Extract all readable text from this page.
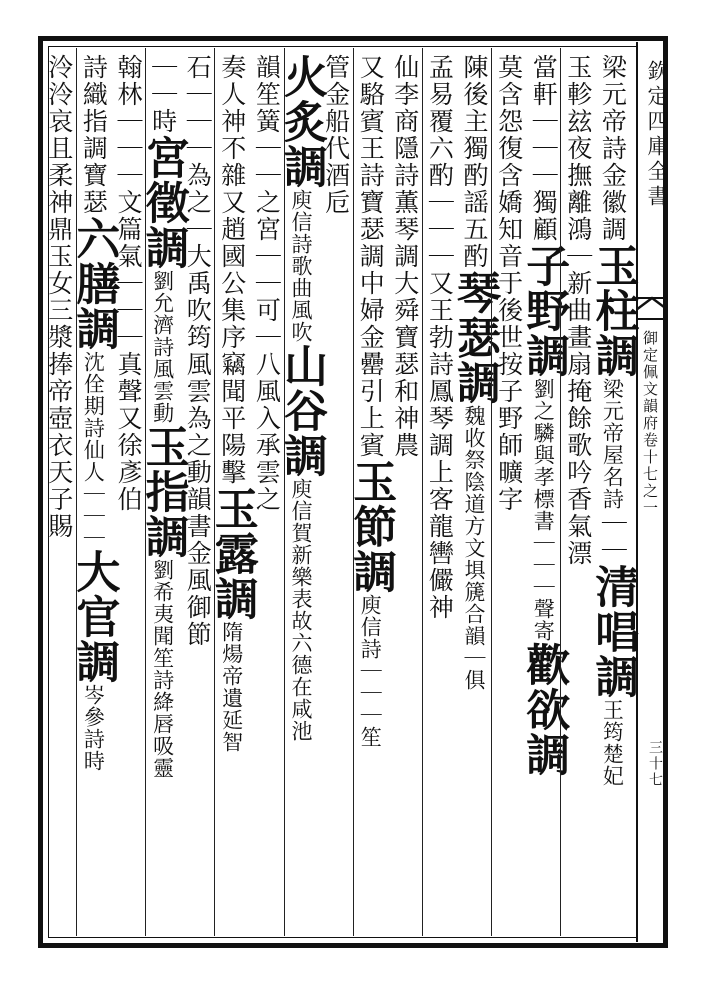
欽定四庫全書
御定佩文韻府卷十七之一
三十七
梁元帝詩金徽調玉柱調梁元帝屋名詩｜｜清唱調王筠楚妃
玉軫玆夜撫離鴻｜新曲畫扇掩餘歌吟香氣漂
當軒｜｜｜獨顧子野調劉之驎與孝標書｜｜｜聲寄歡欲調
莫含怨復含嬌知音于後世按子野師曠字
陳後主獨酌謡五酌琴瑟調魏收祭陰道方文埧篪合韻｜俱
孟易覆六酌｜｜｜又王勃詩鳳琴調上客龍轡儼神
仙李商隱詩薫琴調大舜寶瑟和神農
又駱賓王詩寶瑟調中婦金罍引上賓玉節調庾信詩｜｜｜笙
管金船代酒卮
火炙調庾信詩歌曲風吹山谷調庾信賀新樂表故六德在咸池
韻笙簧｜｜之宮｜｜可｜八風入承雲之
奏人神不雜又趙國公集序竊聞平陽擊玉露調隋煬帝遺延智
石｜｜｜為之｜大禹吹筠風雲為之動韻書金風御節
｜｜時宮徵調劉允濟詩風雲動玉指調劉希夷聞笙詩絳唇吸靈
翰林｜｜｜文篇氣｜｜｜真聲又徐彥伯
詩織指調寶瑟六膳調沈佺期詩仙人｜｜｜大官調岑參詩時
泠泠哀且柔神鼎玉女三漿捧帝壺衣天子賜
